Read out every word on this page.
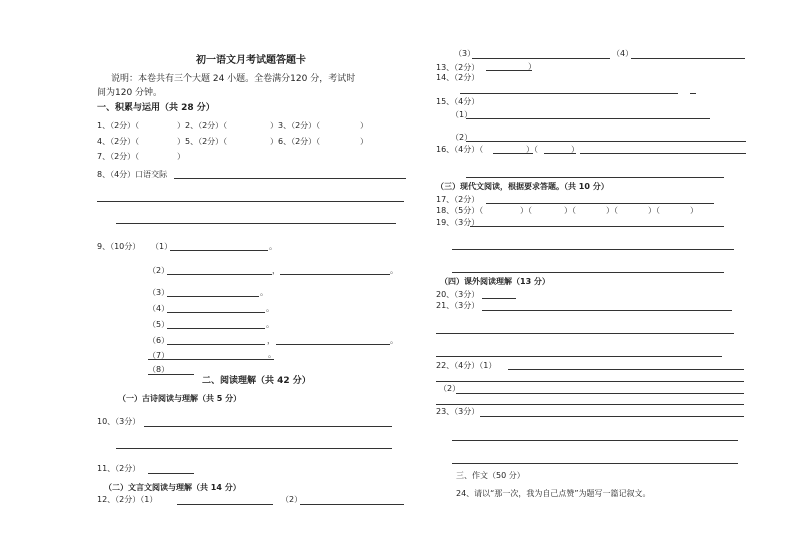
初一语文月考试题答题卡
说明：本卷共有三个大题 24 小题。全卷满分120 分，考试时
间为120 分钟。
一、积累与运用（共 28 分）
1、（2分）（	）2、（2分）（	）3、（2分）（	）
4、（2分）（	）5、（2分）（	）6、（2分）（	）
7、（2分）（	）
8、（4分）口语交际
9、（10分） （1）	。
（2）	，	。
（3）	。
（4）	。
（5）	。
（6）	，	。
（7）	。
（8）
二、阅读理解（共 42 分）
（一）古诗阅读与理解（共 5 分）
10、（3分）
11、（2分）
（二）文言文阅读与理解（共 14 分）
12、（2分）（1）	（2）
（3）	（4）
13、（2分）	）
14、（2分）
15、（4分）
（1）
（2）
16、（4分）（	）（	）
（三）现代文阅读，根据要求答题。（共 10 分）
17、（2分）
18、（5分）（	）（	）（	）（	）（	）
19、（3分）
（四）课外阅读理解（13 分）
20、（3分）
21、（3分）
22、（4分）（1）
（2）
23、（3分）
三、作文（50 分）
24、请以“那一次，我为自己点赞”为题写一篇记叙文。
